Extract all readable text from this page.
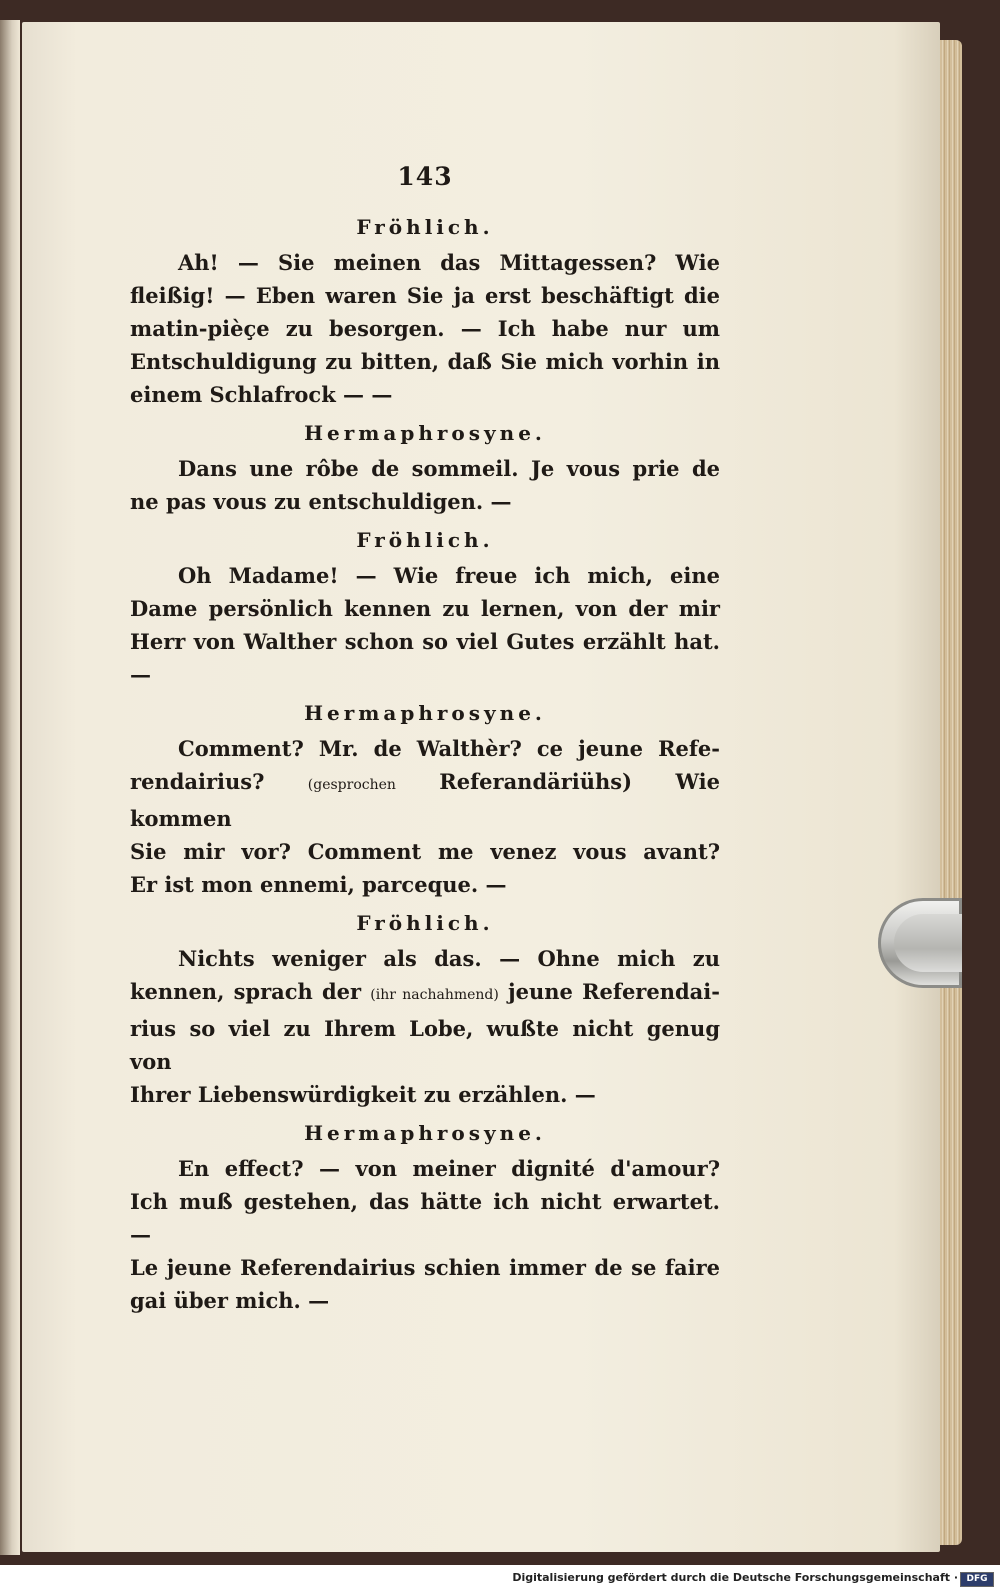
143
Fröhlich.
Ah! — Sie meinen das Mittagessen? Wie
fleißig! — Eben waren Sie ja erst beschäftigt die
matin-pièçe zu besorgen. — Ich habe nur um
Entschuldigung zu bitten, daß Sie mich vorhin in
einem Schlafrock — —
Hermaphrosyne.
Dans une rôbe de sommeil. Je vous prie de
ne pas vous zu entschuldigen. —
Fröhlich.
Oh Madame! — Wie freue ich mich, eine
Dame persönlich kennen zu lernen, von der mir
Herr von Walther schon so viel Gutes erzählt hat. —
Hermaphrosyne.
Comment? Mr. de Walthèr? ce jeune Refe-
rendairius? (gesprochen Referandäriühs) Wie kommen
Sie mir vor? Comment me venez vous avant?
Er ist mon ennemi, parceque. —
Fröhlich.
Nichts weniger als das. — Ohne mich zu
kennen, sprach der (ihr nachahmend) jeune Referendai-
rius so viel zu Ihrem Lobe, wußte nicht genug von
Ihrer Liebenswürdigkeit zu erzählen. —
Hermaphrosyne.
En effect? — von meiner dignité d'amour?
Ich muß gestehen, das hätte ich nicht erwartet. —
Le jeune Referendairius schien immer de se faire
gai über mich. —
Digitalisierung gefördert durch die Deutsche Forschungsgemeinschaft · DFG
